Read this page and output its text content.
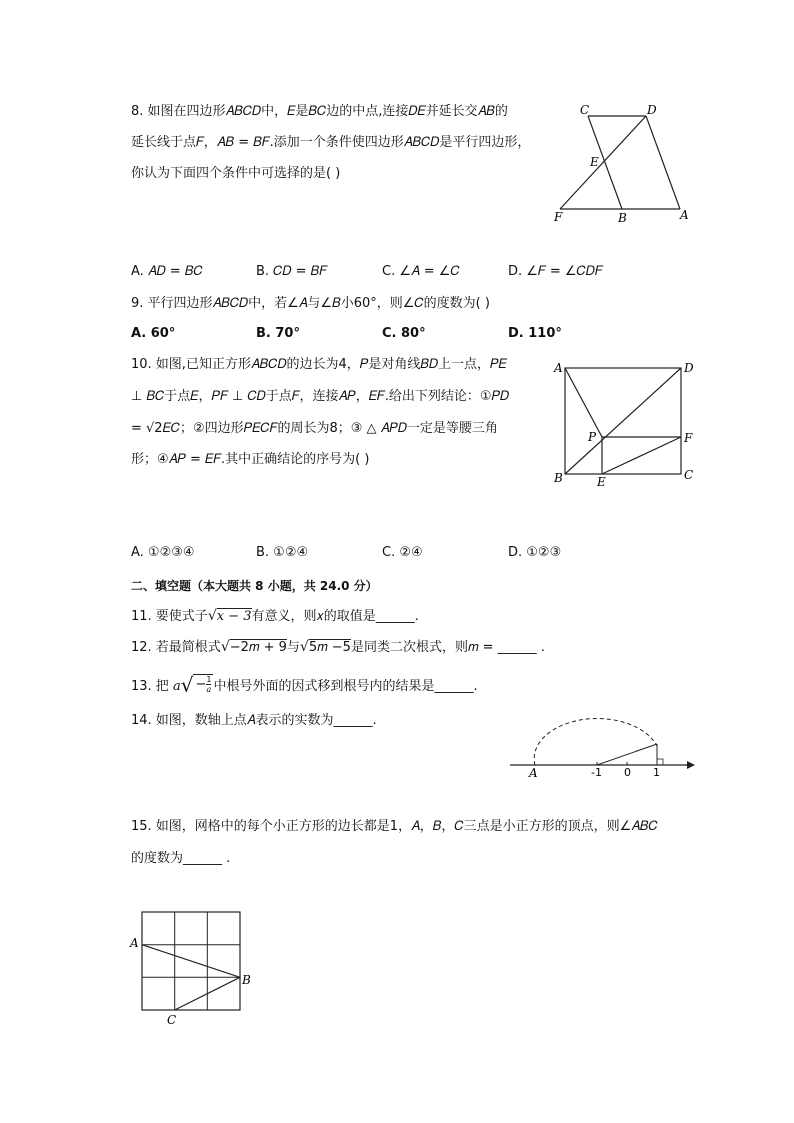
8. 如图在四边形𝐴𝐵𝐶𝐷中，𝐸是𝐵𝐶边的中点,连接𝐷𝐸并延长交𝐴𝐵的
延长线于点𝐹，𝐴𝐵 = 𝐵𝐹.添加一个条件使四边形𝐴𝐵𝐶𝐷是平行四边形，
你认为下面四个条件中可选择的是( )
C	D
E
F	B	A
A. 𝐴𝐷 = 𝐵𝐶	B. 𝐶𝐷 = 𝐵𝐹	C. ∠𝐴 = ∠𝐶	D. ∠𝐹 = ∠𝐶𝐷𝐹
9. 平行四边形𝐴𝐵𝐶𝐷中，若∠𝐴与∠𝐵小60°，则∠𝐶的度数为( )
A. 60°	B. 70°	C. 80°	D. 110°
10. 如图,已知正方形𝐴𝐵𝐶𝐷的边长为4，𝑃是对角线𝐵𝐷上一点，𝑃𝐸
⊥ 𝐵𝐶于点𝐸，𝑃𝐹 ⊥ 𝐶𝐷于点𝐹，连接𝐴𝑃，𝐸𝐹.给出下列结论：①𝑃𝐷
= √2𝐸𝐶；②四边形𝑃𝐸𝐶𝐹的周长为8；③ △ 𝐴𝑃𝐷一定是等腰三角
形；④𝐴𝑃 = 𝐸𝐹.其中正确结论的序号为( )
A	D
P	F
B	E	C
A. ①②③④	B. ①②④	C. ②④	D. ①②③
二、填空题（本大题共 8 小题，共 24.0 分）
11. 要使式子√𝑥 − 3有意义，则𝑥的取值是______.
12. 若最简根式√−2𝑚 + 9与√5𝑚 −5是同类二次根式，则𝑚 = ______ .
13. 把 𝑎√ − 1
𝑎 中根号外面的因式移到根号内的结果是______.
14. 如图，数轴上点𝐴表示的实数为______.
A	-1 0 1
15. 如图，网格中的每个小正方形的边长都是1，𝐴，𝐵，𝐶三点是小正方形的顶点，则∠𝐴𝐵𝐶
的度数为______ .
A
B
C
